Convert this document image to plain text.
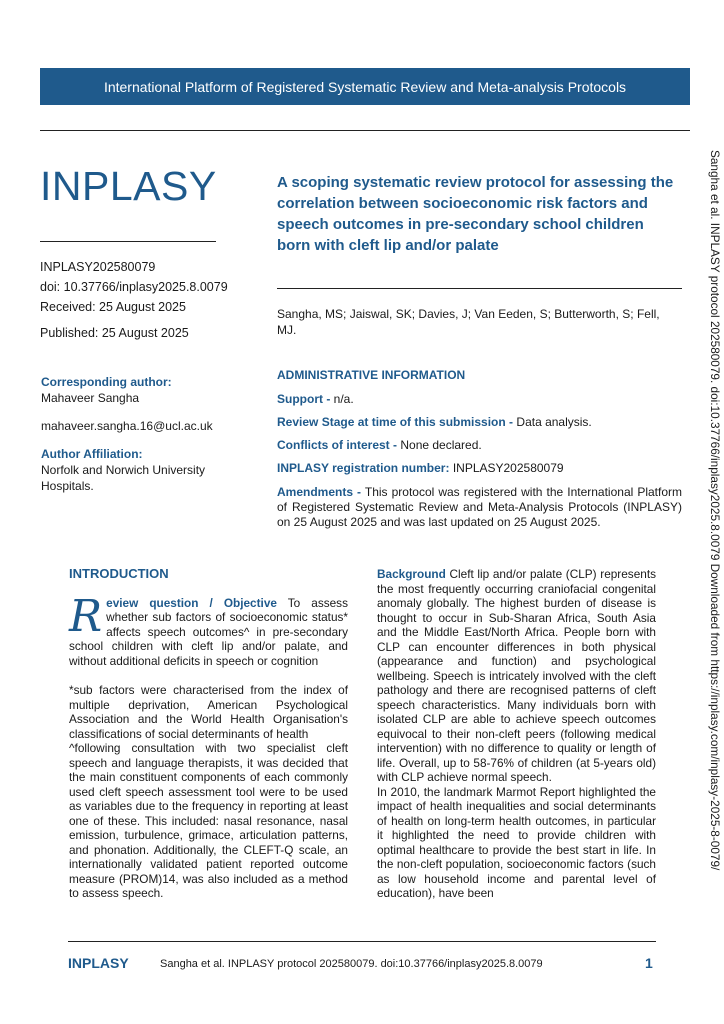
International Platform of Registered Systematic Review and Meta-analysis Protocols
INPLASY
INPLASY202580079
doi: 10.37766/inplasy2025.8.0079
Received: 25 August 2025
Published: 25 August 2025
A scoping systematic review protocol for assessing the correlation between socioeconomic risk factors and speech outcomes in pre-secondary school children born with cleft lip and/or palate
Sangha, MS; Jaiswal, SK; Davies, J; Van Eeden, S; Butterworth, S; Fell, MJ.
Corresponding author:
Mahaveer Sangha
mahaveer.sangha.16@ucl.ac.uk
Author Affiliation:
Norfolk and Norwich University Hospitals.
ADMINISTRATIVE INFORMATION
Support - n/a.
Review Stage at time of this submission - Data analysis.
Conflicts of interest - None declared.
INPLASY registration number: INPLASY202580079
Amendments - This protocol was registered with the International Platform of Registered Systematic Review and Meta-Analysis Protocols (INPLASY) on 25 August 2025 and was last updated on 25 August 2025.
INTRODUCTION
Review question / Objective To assess whether sub factors of socioeconomic status* affects speech outcomes^ in pre-secondary school children with cleft lip and/or palate, and without additional deficits in speech or cognition
*sub factors were characterised from the index of multiple deprivation, American Psychological Association and the World Health Organisation's classifications of social determinants of health
^following consultation with two specialist cleft speech and language therapists, it was decided that the main constituent components of each commonly used cleft speech assessment tool were to be used as variables due to the frequency in reporting at least one of these. This included: nasal resonance, nasal emission, turbulence, grimace, articulation patterns, and phonation. Additionally, the CLEFT-Q scale, an internationally validated patient reported outcome measure (PROM)14, was also included as a method to assess speech.
Background Cleft lip and/or palate (CLP) represents the most frequently occurring craniofacial congenital anomaly globally. The highest burden of disease is thought to occur in Sub-Sharan Africa, South Asia and the Middle East/North Africa. People born with CLP can encounter differences in both physical (appearance and function) and psychological wellbeing. Speech is intricately involved with the cleft pathology and there are recognised patterns of cleft speech characteristics. Many individuals born with isolated CLP are able to achieve speech outcomes equivocal to their non-cleft peers (following medical intervention) with no difference to quality or length of life. Overall, up to 58-76% of children (at 5-years old) with CLP achieve normal speech.
In 2010, the landmark Marmot Report highlighted the impact of health inequalities and social determinants of health on long-term health outcomes, in particular it highlighted the need to provide children with optimal healthcare to provide the best start in life. In the non-cleft population, socioeconomic factors (such as low household income and parental level of education), have been
Sangha et al. INPLASY protocol 202580079. doi:10.37766/inplasy2025.8.0079 Downloaded from https://inplasy.com/inplasy-2025-8-0079/
INPLASY	Sangha et al. INPLASY protocol 202580079. doi:10.37766/inplasy2025.8.0079	1
